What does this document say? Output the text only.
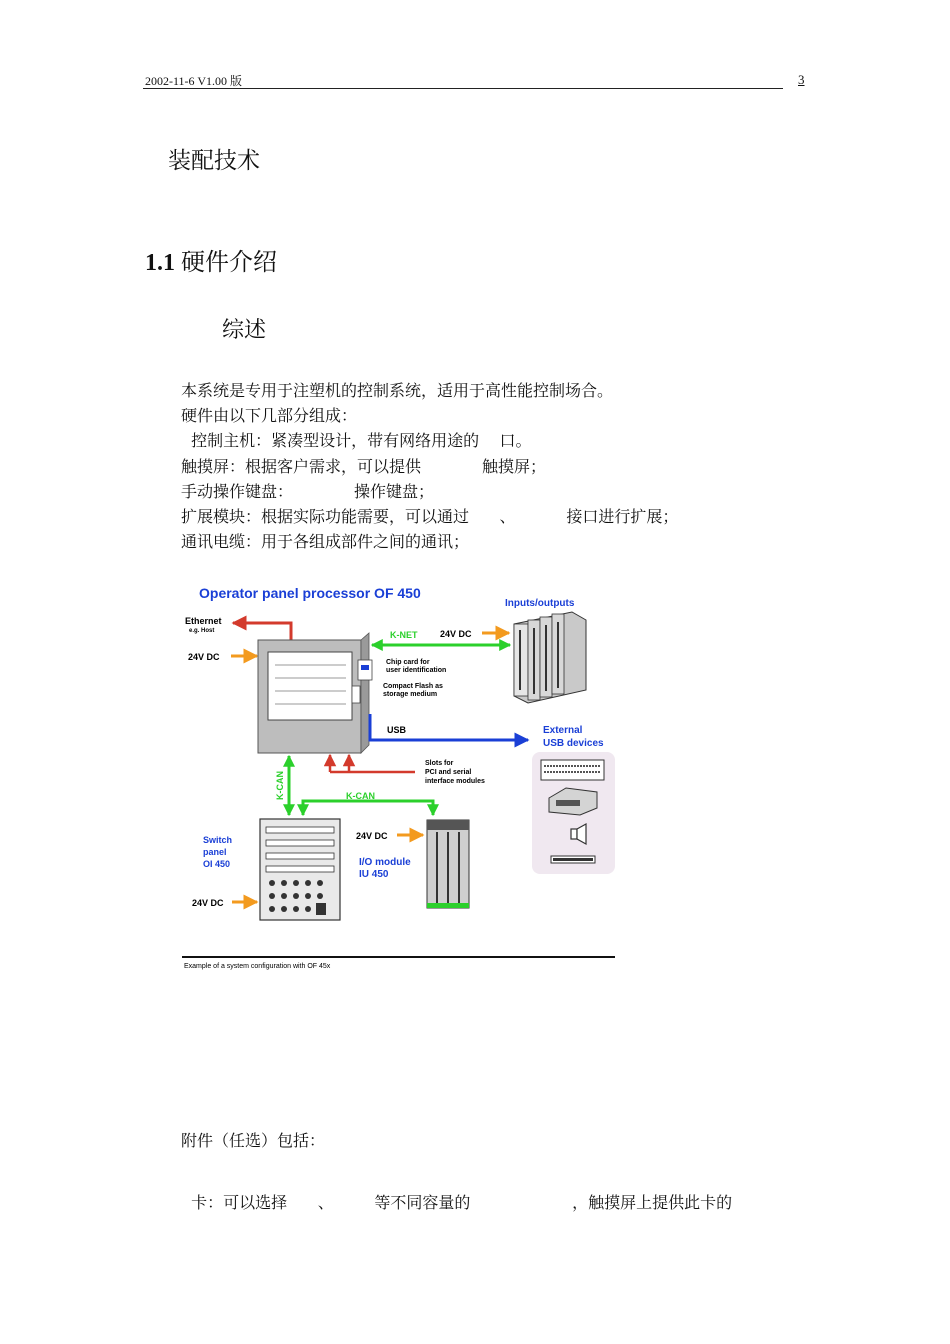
2002-11-6 V1.00 版	3
装配技术
1.1 硬件介绍
综述
本系统是专用于注塑机的控制系统，适用于高性能控制场合。
硬件由以下几部分组成：
控制主机：紧凑型设计，带有网络用途的    口。
触摸屏：根据客户需求，可以提供            触摸屏；
手动操作键盘：            操作键盘；
扩展模块：根据实际功能需要，可以通过      、          接口进行扩展；
通讯电缆：用于各组成部件之间的通讯；
Operator panel processor OF 450
Inputs/outputs
Ethernet
e.g. Host
24V DC
Chip card for
user identification
Compact Flash as
storage medium
K-NET	24V DC
USB	External
USB devices
Slots for
PCI and serial
interface modules
K-CAN	K-CAN
Switch
panel
OI 450
24V DC
24V DC
I/O module
IU 450
Example of a system configuration with OF 45x
附件（任选）包括：
卡：可以选择      、        等不同容量的                    ，触摸屏上提供此卡的
